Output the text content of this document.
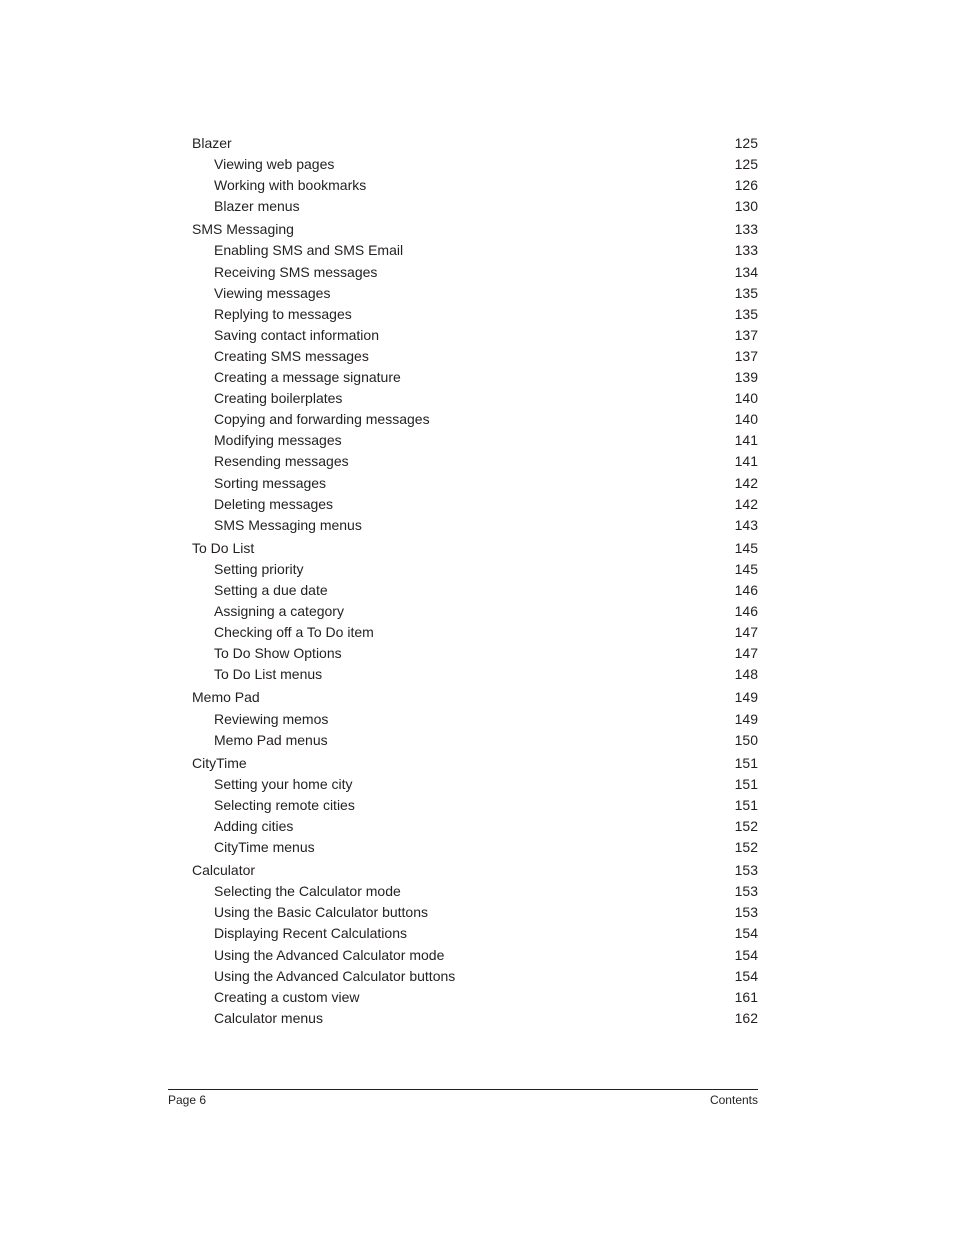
Blazer	125
Viewing web pages	125
Working with bookmarks	126
Blazer menus	130
SMS Messaging	133
Enabling SMS and SMS Email	133
Receiving SMS messages	134
Viewing messages	135
Replying to messages	135
Saving contact information	137
Creating SMS messages	137
Creating a message signature	139
Creating boilerplates	140
Copying and forwarding messages	140
Modifying messages	141
Resending messages	141
Sorting messages	142
Deleting messages	142
SMS Messaging menus	143
To Do List	145
Setting priority	145
Setting a due date	146
Assigning a category	146
Checking off a To Do item	147
To Do Show Options	147
To Do List menus	148
Memo Pad	149
Reviewing memos	149
Memo Pad menus	150
CityTime	151
Setting your home city	151
Selecting remote cities	151
Adding cities	152
CityTime menus	152
Calculator	153
Selecting the Calculator mode	153
Using the Basic Calculator buttons	153
Displaying Recent Calculations	154
Using the Advanced Calculator mode	154
Using the Advanced Calculator buttons	154
Creating a custom view	161
Calculator menus	162
Page 6	Contents
